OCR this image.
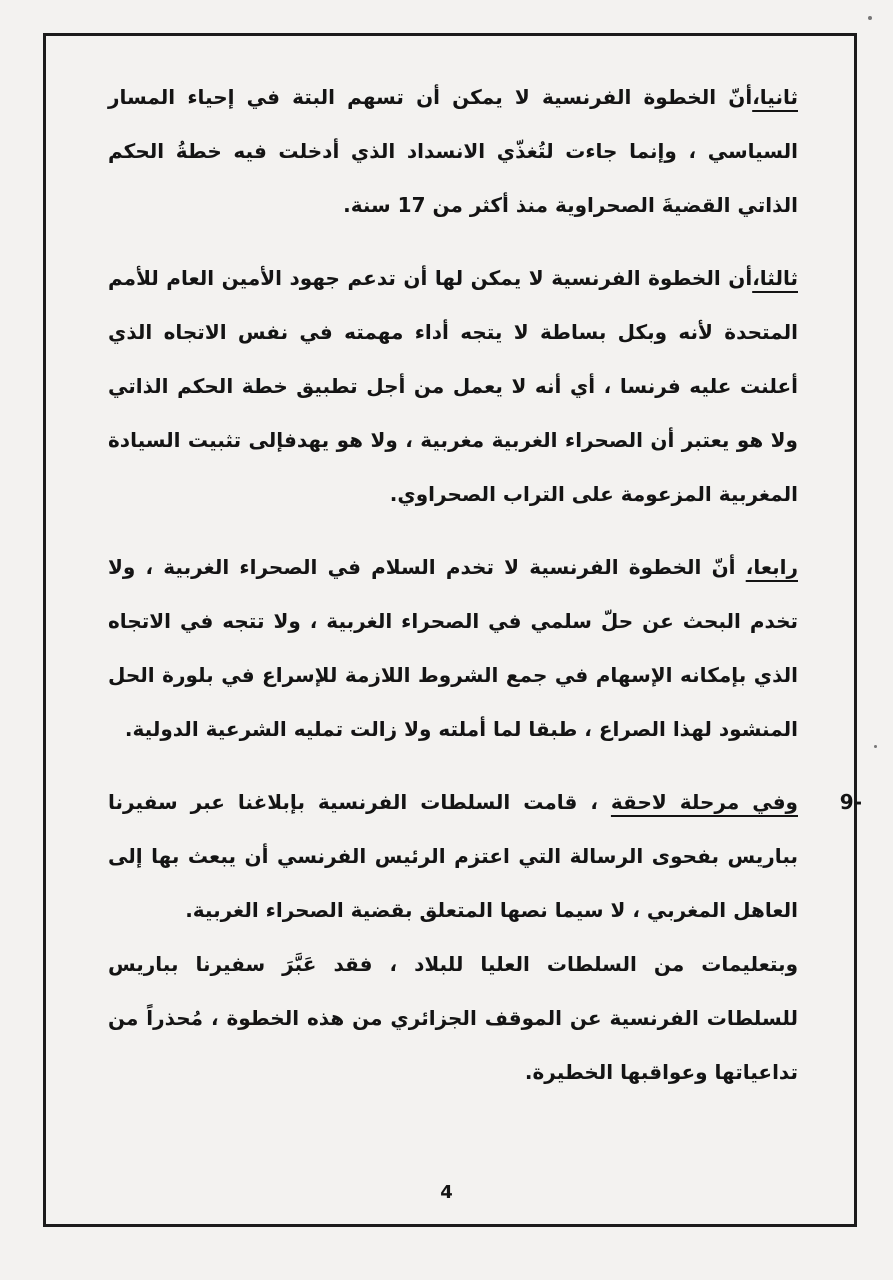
ثانيا،أنّ الخطوة الفرنسية لا يمكن أن تسهم البتة في إحياء المسار السياسي ، وإنما جاءت لتُغذّي الانسداد الذي أدخلت فيه خطةُ الحكم الذاتي القضيةَ الصحراوية منذ أكثر من 17 سنة.

ثالثا،أن الخطوة الفرنسية لا يمكن لها أن تدعم جهود الأمين العام للأمم المتحدة لأنه وبكل بساطة لا يتجه أداء مهمته في نفس الاتجاه الذي أعلنت عليه فرنسا ، أي أنه لا يعمل من أجل تطبيق خطة الحكم الذاتي ولا هو يعتبر أن الصحراء الغربية مغربية ، ولا هو يهدفإلى تثبيت السيادة المغربية المزعومة على التراب الصحراوي.

رابعا، أنّ الخطوة الفرنسية لا تخدم السلام في الصحراء الغربية ، ولا تخدم البحث عن حلّ سلمي في الصحراء الغربية ، ولا تتجه في الاتجاه الذي بإمكانه الإسهام في جمع الشروط اللازمة للإسراع في بلورة الحل المنشود لهذا الصراع ، طبقا لما أملته ولا زالت تمليه الشرعية الدولية.

9-

وفي مرحلة لاحقة ، قامت السلطات الفرنسية بإبلاغنا عبر سفيرنا بباريس بفحوى الرسالة التي اعتزم الرئيس الفرنسي أن يبعث بها إلى العاهل المغربي ، لا سيما نصها المتعلق بقضية الصحراء الغربية.

وبتعليمات من السلطات العليا للبلاد ، فقد عَبَّرَ سفيرنا بباريس للسلطات الفرنسية عن الموقف الجزائري من هذه الخطوة ، مُحذراً من تداعياتها وعواقبها الخطيرة.

4
